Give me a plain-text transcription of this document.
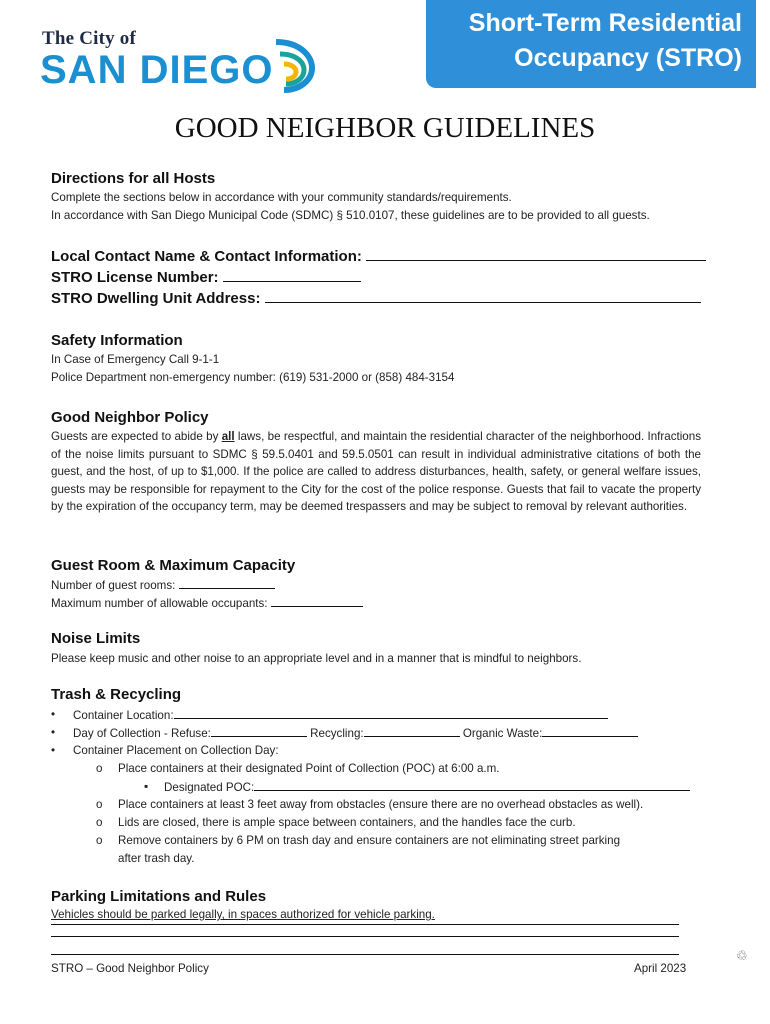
The City of
SAN DIEGO
Short-Term Residential
Occupancy (STRO)
GOOD NEIGHBOR GUIDELINES
Directions for all Hosts
Complete the sections below in accordance with your community standards/requirements.
In accordance with San Diego Municipal Code (SDMC) § 510.0107, these guidelines are to be provided to all guests.
Local Contact Name & Contact Information:
STRO License Number:
STRO Dwelling Unit Address:
Safety Information
In Case of Emergency Call 9-1-1
Police Department non-emergency number: (619) 531-2000 or (858) 484-3154
Good Neighbor Policy
Guests are expected to abide by all laws, be respectful, and maintain the residential character of the neighborhood. Infractions of the noise limits pursuant to SDMC § 59.5.0401 and 59.5.0501 can result in individual administrative citations of both the guest, and the host, of up to $1,000. If the police are called to address disturbances, health, safety, or general welfare issues, guests may be responsible for repayment to the City for the cost of the police response. Guests that fail to vacate the property by the expiration of the occupancy term, may be deemed trespassers and may be subject to removal by relevant authorities.
Guest Room & Maximum Capacity
Number of guest rooms:
Maximum number of allowable occupants:
Noise Limits
Please keep music and other noise to an appropriate level and in a manner that is mindful to neighbors.
Trash & Recycling
• Container Location:
• Day of Collection - Refuse:	Recycling:	Organic Waste:
• Container Placement on Collection Day:
o Place containers at their designated Point of Collection (POC) at 6:00 a.m.
▪ Designated POC:
o Place containers at least 3 feet away from obstacles (ensure there are no overhead obstacles as well).
o Lids are closed, there is ample space between containers, and the handles face the curb.
o Remove containers by 6 PM on trash day and ensure containers are not eliminating street parking
after trash day.
Parking Limitations and Rules
Vehicles should be parked legally, in spaces authorized for vehicle parking.
STRO – Good Neighbor Policy	April 2023
♲
